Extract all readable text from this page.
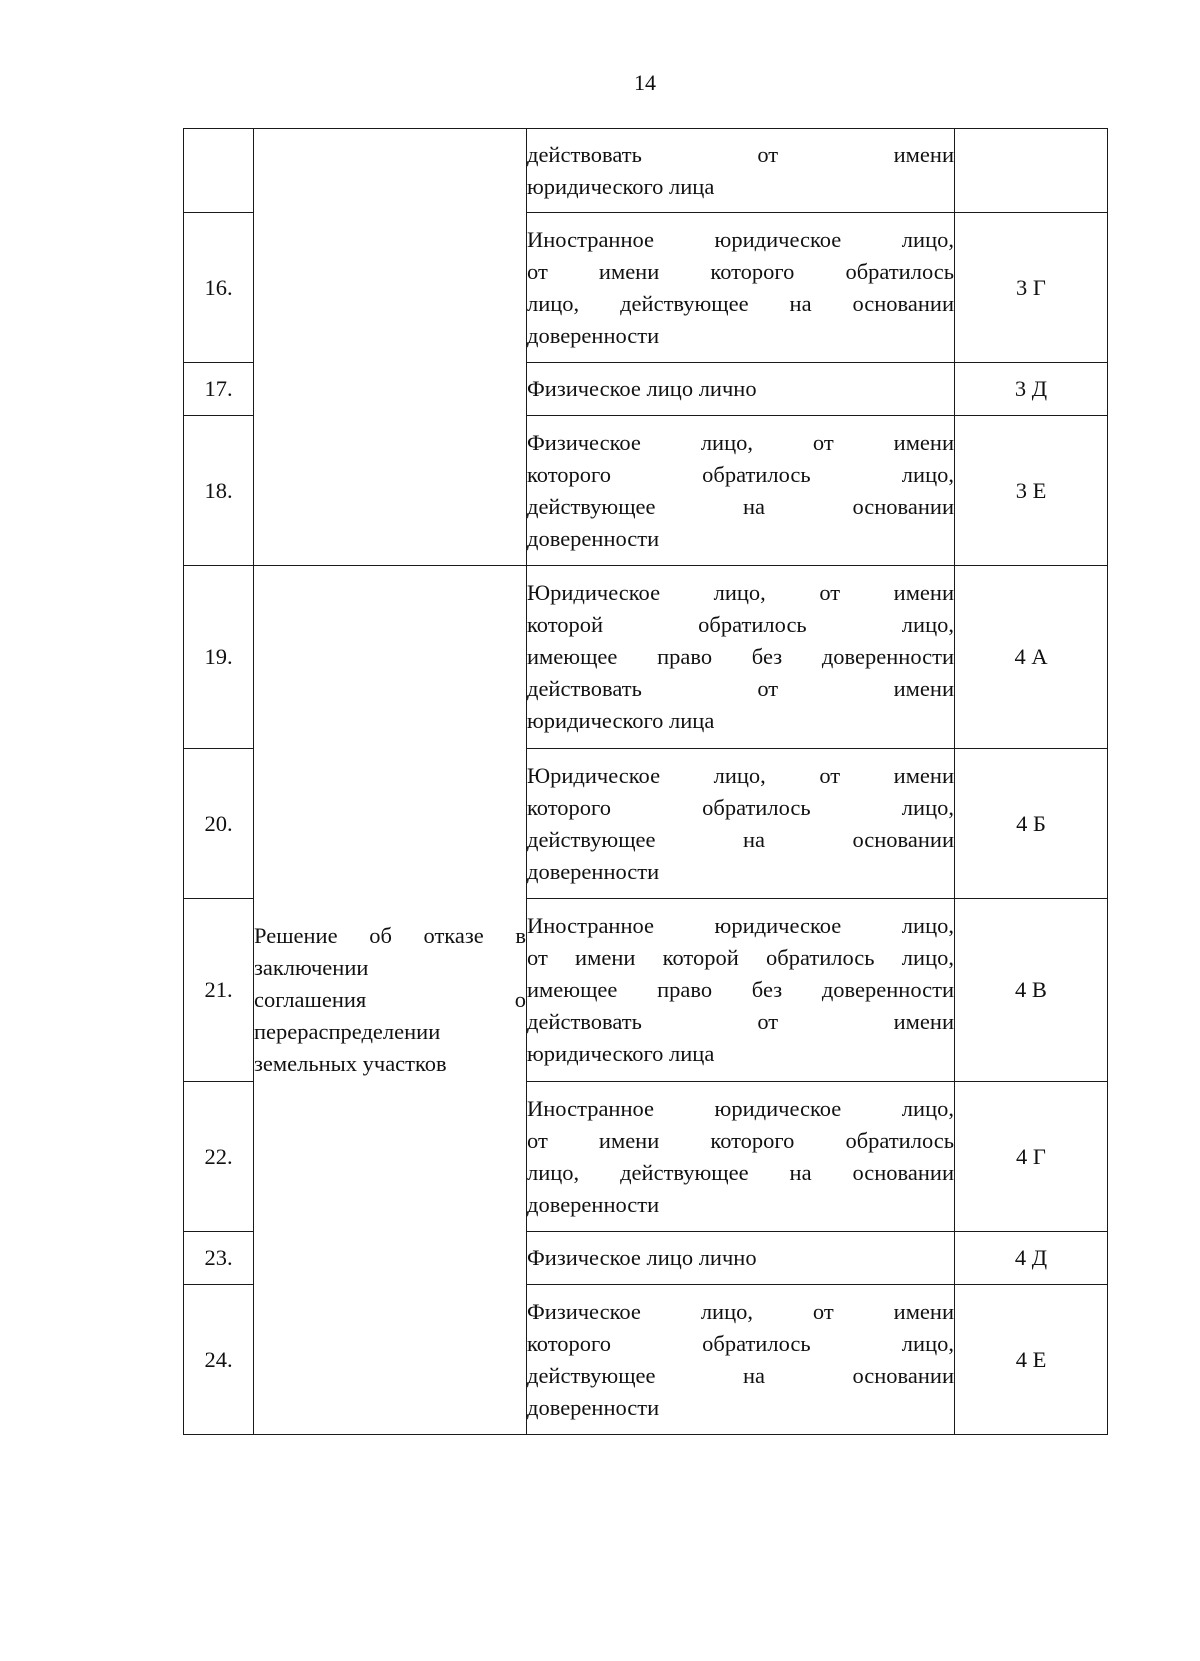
14

		действовать от имени
юридического лица	

16.		Иностранное юридическое лицо,
от имени которого обратилось
лицо, действующее на основании
доверенности	3 Г
17.		Физическое лицо лично	3 Д
18.		Физическое лицо, от имени
которого обратилось лицо,
действующее на основании
доверенности	3 Е
19.	Решение об отказе в
заключении
соглашения о
перераспределении
земельных участков	Юридическое лицо, от имени
которой обратилось лицо,
имеющее право без доверенности
действовать от имени
юридического лица	4 А
20.		Юридическое лицо, от имени
которого обратилось лицо,
действующее на основании
доверенности	4 Б
21.		Иностранное юридическое лицо,
от имени которой обратилось лицо,
имеющее право без доверенности
действовать от имени
юридического лица	4 В
22.		Иностранное юридическое лицо,
от имени которого обратилось
лицо, действующее на основании
доверенности	4 Г
23.		Физическое лицо лично	4 Д
24.		Физическое лицо, от имени
которого обратилось лицо,
действующее на основании
доверенности	4 Е
